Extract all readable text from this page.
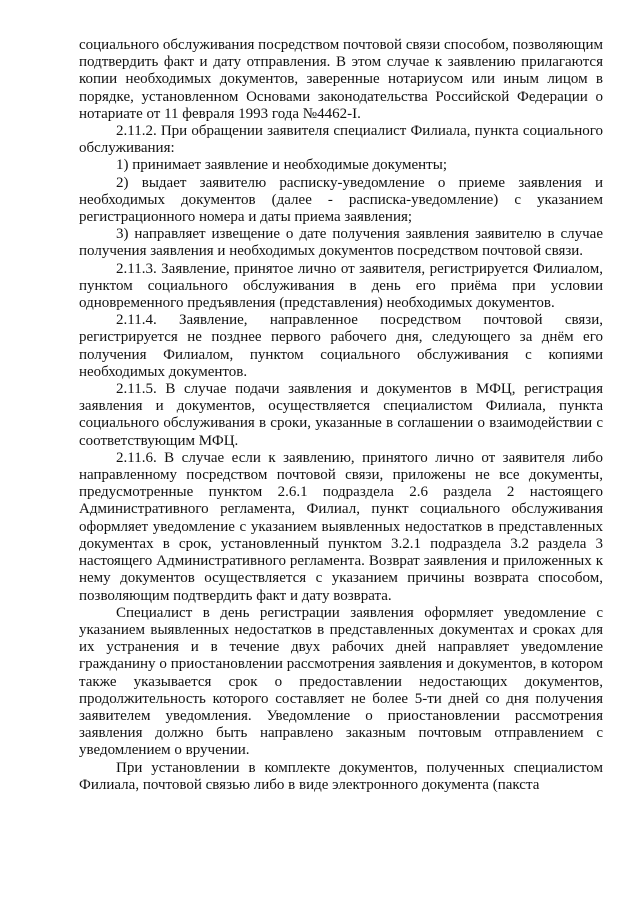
социального обслуживания посредством почтовой связи способом, позволяющим подтвердить факт и дату отправления. В этом случае к заявлению прилагаются копии необходимых документов, заверенные нотариусом или иным лицом в порядке, установленном Основами законодательства Российской Федерации о нотариате от 11 февраля 1993 года №4462-I.

2.11.2. При обращении заявителя специалист Филиала, пункта социального обслуживания:

1) принимает заявление и необходимые документы;

2) выдает заявителю расписку-уведомление о приеме заявления и необходимых документов (далее - расписка-уведомление) с указанием регистрационного номера и даты приема заявления;

3) направляет извещение о дате получения заявления заявителю в случае получения заявления и необходимых документов посредством почтовой связи.

2.11.3. Заявление, принятое лично от заявителя, регистрируется Филиалом, пунктом социального обслуживания в день его приёма при условии одновременного предъявления (представления) необходимых документов.

2.11.4. Заявление, направленное посредством почтовой связи, регистрируется не позднее первого рабочего дня, следующего за днём его получения Филиалом, пунктом социального обслуживания с копиями необходимых документов.

2.11.5. В случае подачи заявления и документов в МФЦ, регистрация заявления и документов, осуществляется специалистом Филиала, пункта социального обслуживания в сроки, указанные в соглашении о взаимодействии с соответствующим МФЦ.

2.11.6. В случае если к заявлению, принятого лично от заявителя либо направленному посредством почтовой связи, приложены не все документы, предусмотренные пунктом 2.6.1 подраздела 2.6 раздела 2 настоящего Административного регламента, Филиал, пункт социального обслуживания оформляет уведомление с указанием выявленных недостатков в представленных документах в срок, установленный пунктом 3.2.1 подраздела 3.2 раздела 3 настоящего Административного регламента. Возврат заявления и приложенных к нему документов осуществляется с указанием причины возврата способом, позволяющим подтвердить факт и дату возврата.

Специалист в день регистрации заявления оформляет уведомление с указанием выявленных недостатков в представленных документах и сроках для их устранения и в течение двух рабочих дней направляет уведомление гражданину о приостановлении рассмотрения заявления и документов, в котором также указывается срок о предоставлении недостающих документов, продолжительность которого составляет не более 5-ти дней со дня получения заявителем уведомления. Уведомление о приостановлении рассмотрения заявления должно быть направлено заказным почтовым отправлением с уведомлением о вручении.

При установлении в комплекте документов, полученных специалистом Филиала, почтовой связью либо в виде электронного документа (пакста
